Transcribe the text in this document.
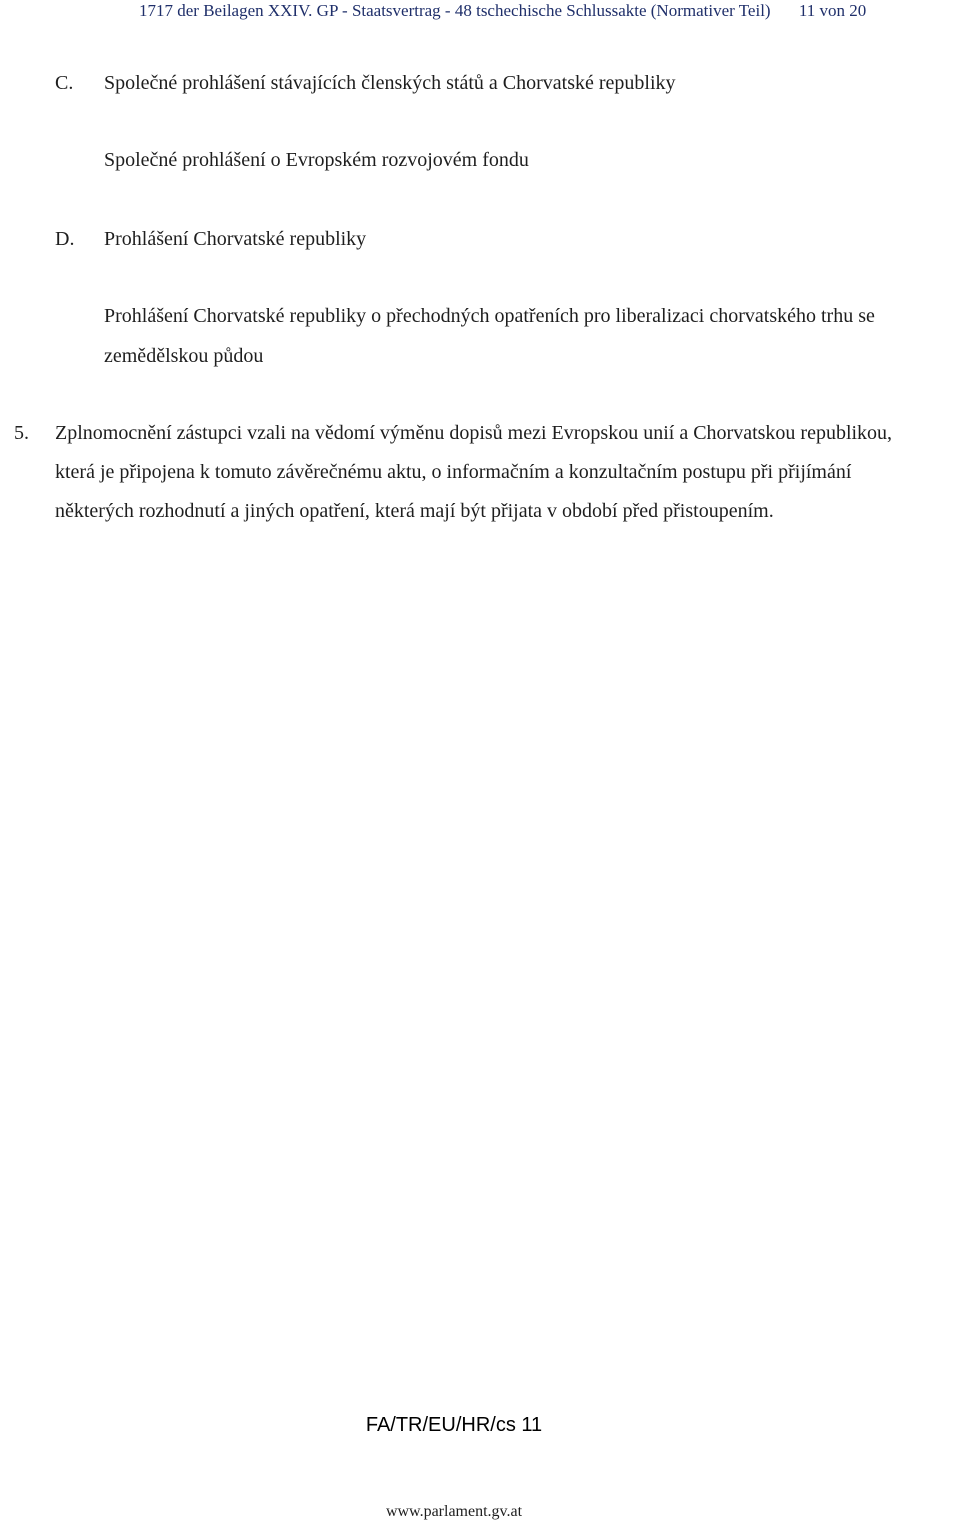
1717 der Beilagen XXIV. GP - Staatsvertrag - 48 tschechische Schlussakte (Normativer Teil) 11 von 20
C. Společné prohlášení stávajících členských států a Chorvatské republiky
Společné prohlášení o Evropském rozvojovém fondu
D. Prohlášení Chorvatské republiky
Prohlášení Chorvatské republiky o přechodných opatřeních pro liberalizaci chorvatského trhu se zemědělskou půdou
5. Zplnomocnění zástupci vzali na vědomí výměnu dopisů mezi Evropskou unií a Chorvatskou republikou, která je připojena k tomuto závěrečnému aktu, o informačním a konzultačním postupu při přijímání některých rozhodnutí a jiných opatření, která mají být přijata v období před přistoupením.
FA/TR/EU/HR/cs 11
www.parlament.gv.at
